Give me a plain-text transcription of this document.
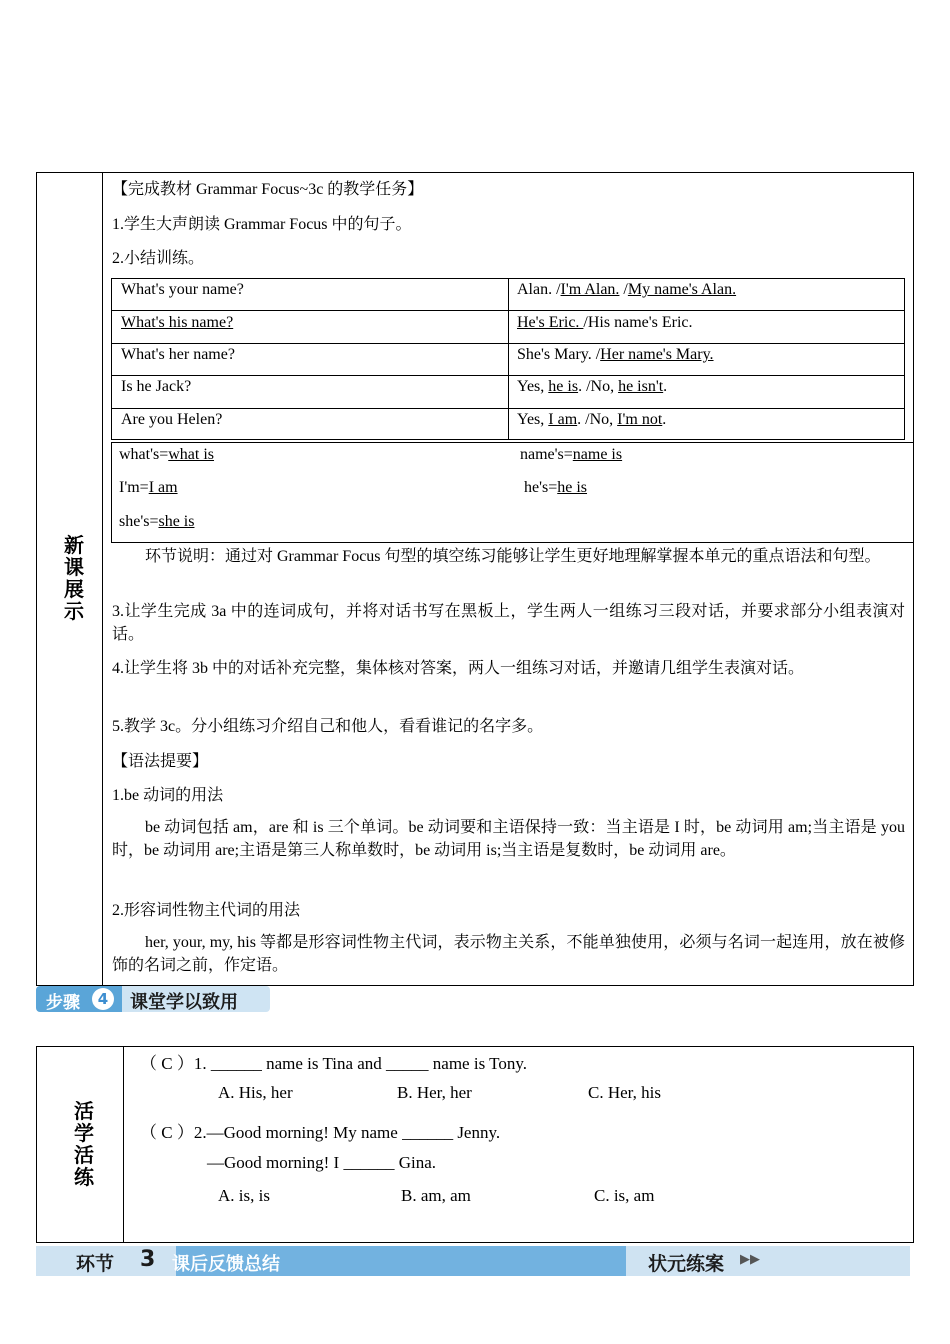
新
课
展
示
【完成教材 Grammar Focus~3c 的教学任务】
1.学生大声朗读 Grammar Focus 中的句子。
2.小结训练。
What's your name?	Alan. /I'm Alan. /My name's Alan.
What's his name?	He's Eric. /His name's Eric.
What's her name?	She's Mary. /Her name's Mary.
Is he Jack?	Yes, he is. /No, he isn't.
Are you Helen?	Yes, I am. /No, I'm not.
what's=what is	name's=name is
I'm=I am	he's=he is
she's=she is
环节说明：通过对 Grammar Focus 句型的填空练习能够让学生更好地理解掌握本单元的重点语法和句型。
3.让学生完成 3a 中的连词成句，并将对话书写在黑板上，学生两人一组练习三段对话，并要求部分小组表演对话。
4.让学生将 3b 中的对话补充完整，集体核对答案，两人一组练习对话，并邀请几组学生表演对话。
5.教学 3c。分小组练习介绍自己和他人，看看谁记的名字多。
【语法提要】
1.be 动词的用法
be 动词包括 am，are 和 is 三个单词。be 动词要和主语保持一致：当主语是 I 时，be 动词用 am;当主语是 you 时，be 动词用 are;主语是第三人称单数时，be 动词用 is;当主语是复数时，be 动词用 are。
2.形容词性物主代词的用法
her, your, my, his 等都是形容词性物主代词，表示物主关系，不能单独使用，必须与名词一起连用，放在被修饰的名词之前，作定语。
步骤	4	课堂学以致用
活
学
活
练
（ C ）1. ______ name is Tina and _____ name is Tony.
A. His, her	B. Her, her	C. Her, his
（ C ）2.—Good morning! My name ______ Jenny.
—Good morning! I ______ Gina.
A. is, is	B. am, am	C. is, am
环节 3 课后反馈总结	状元练案 ▶▶
